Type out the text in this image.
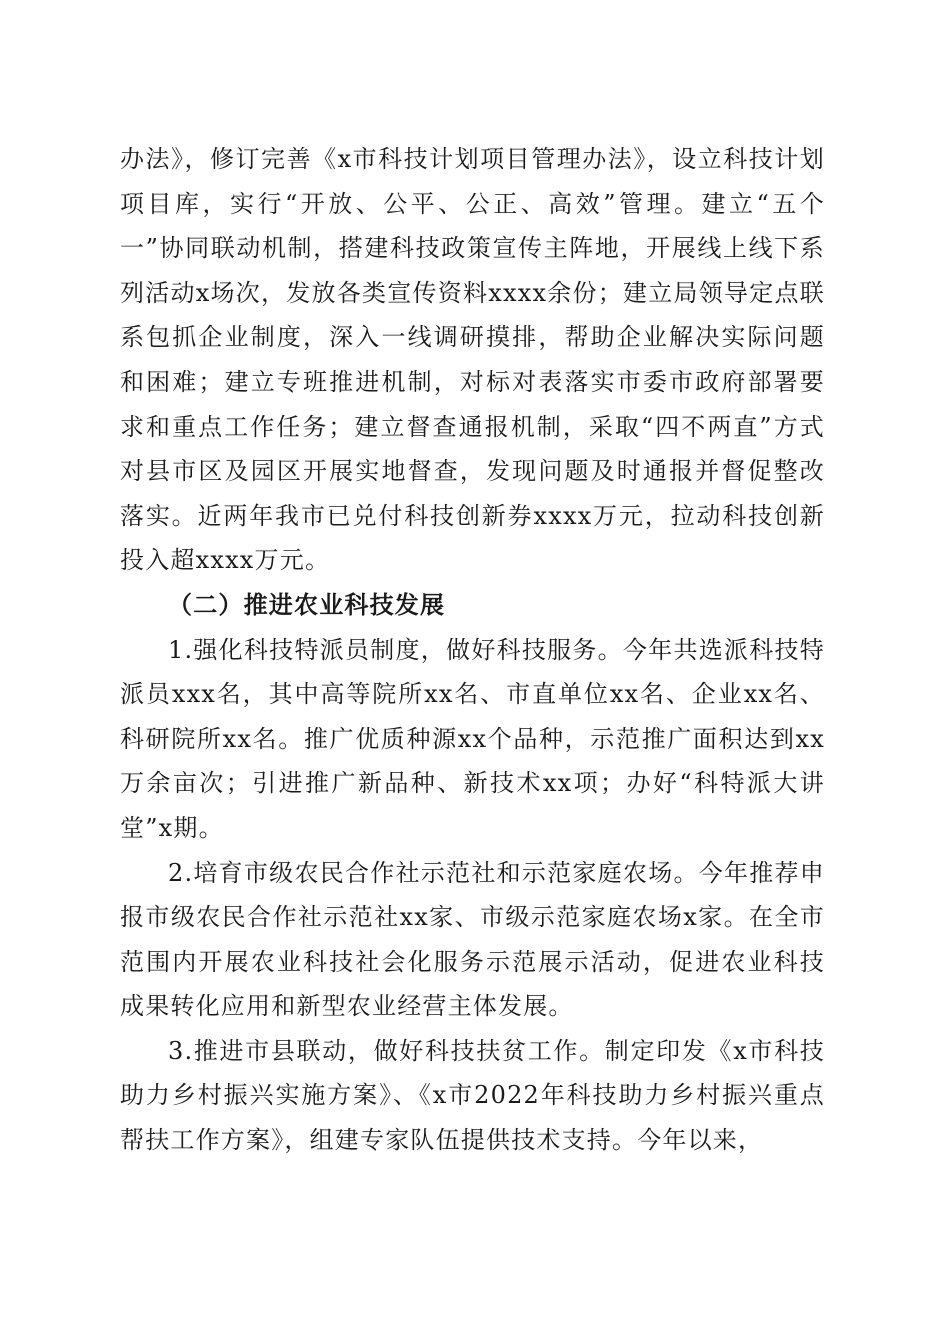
办法》，修订完善《x市科技计划项目管理办法》，设立科技计划项目库，实行“开放、公平、公正、高效”管理。建立“五个一”协同联动机制，搭建科技政策宣传主阵地，开展线上线下系列活动x场次，发放各类宣传资料xxxx余份；建立局领导定点联系包抓企业制度，深入一线调研摸排，帮助企业解决实际问题和困难；建立专班推进机制，对标对表落实市委市政府部署要求和重点工作任务；建立督查通报机制，采取“四不两直”方式对县市区及园区开展实地督查，发现问题及时通报并督促整改落实。近两年我市已兑付科技创新券xxxx万元，拉动科技创新投入超xxxx万元。

（二）推进农业科技发展

1.强化科技特派员制度，做好科技服务。今年共选派科技特派员xxx名，其中高等院所xx名、市直单位xx名、企业xx名、科研院所xx名。推广优质种源xx个品种，示范推广面积达到xx万余亩次；引进推广新品种、新技术xx项；办好“科特派大讲堂”x期。

2.培育市级农民合作社示范社和示范家庭农场。今年推荐申报市级农民合作社示范社xx家、市级示范家庭农场x家。在全市范围内开展农业科技社会化服务示范展示活动，促进农业科技成果转化应用和新型农业经营主体发展。

3.推进市县联动，做好科技扶贫工作。制定印发《x市科技助力乡村振兴实施方案》、《x市2022年科技助力乡村振兴重点帮扶工作方案》，组建专家队伍提供技术支持。今年以来，
